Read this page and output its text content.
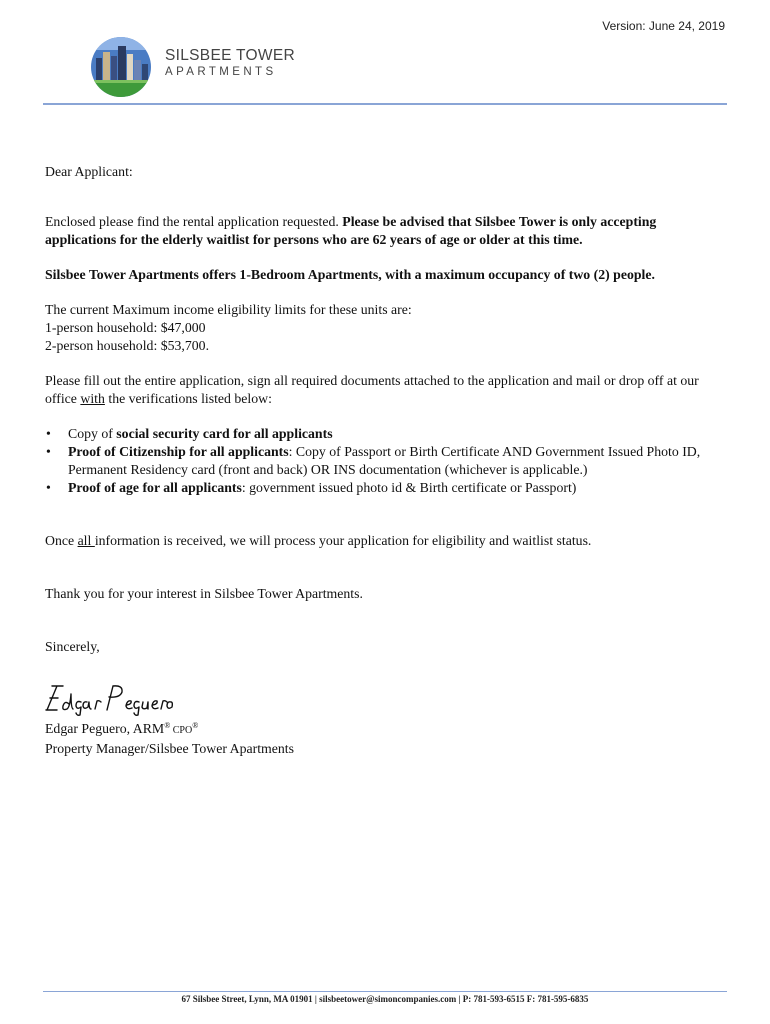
Version: June 24, 2019
SILSBEE TOWER
APARTMENTS

Dear Applicant:

Enclosed please find the rental application requested. Please be advised that Silsbee Tower is only accepting applications for the elderly waitlist for persons who are 62 years of age or older at this time.

Silsbee Tower Apartments offers 1-Bedroom Apartments, with a maximum occupancy of two (2) people.

The current Maximum income eligibility limits for these units are:

1-person household: $47,000

2-person household: $53,700.

Please fill out the entire application, sign all required documents attached to the application and mail or drop off at our office with the verifications listed below:

• Copy of social security card for all applicants
• Proof of Citizenship for all applicants: Copy of Passport or Birth Certificate AND Government Issued Photo ID, Permanent Residency card (front and back) OR INS documentation (whichever is applicable.)
• Proof of age for all applicants: government issued photo id & Birth certificate or Passport)

Once all information is received, we will process your application for eligibility and waitlist status.

Thank you for your interest in Silsbee Tower Apartments.

Sincerely,

Edgar Peguero, ARM® CPO®
Property Manager/Silsbee Tower Apartments
67 Silsbee Street, Lynn, MA 01901 | silsbeetower@simoncompanies.com | P: 781-593-6515 F: 781-595-6835
